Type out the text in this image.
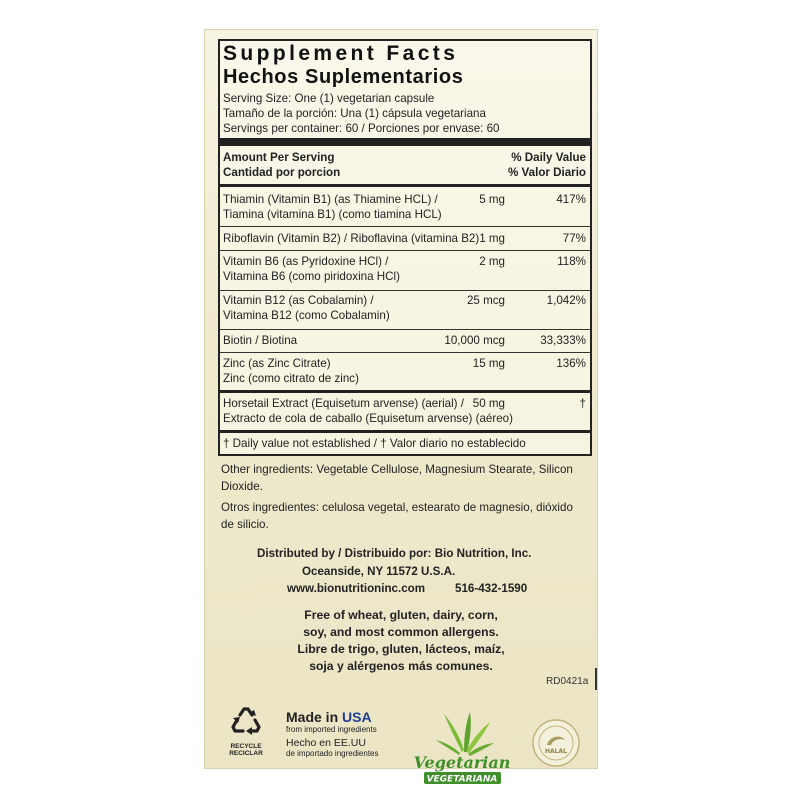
Supplement Facts
Hechos Suplementarios
Serving Size: One (1) vegetarian capsule
Tamaño de la porción: Una (1) cápsula vegetariana
Servings per container: 60 / Porciones por envase: 60
Amount Per Serving
Cantidad por porcion
% Daily Value
% Valor Diario
Thiamin (Vitamin B1) (as Thiamine HCL) /
Tiamina (vitamina B1) (como tiamina HCL)
5 mg	417%
Riboflavin (Vitamin B2) / Riboflavina (vitamina B2) 1 mg	77%
Vitamin B6 (as Pyridoxine HCl) /
Vitamina B6 (como piridoxina HCl)
2 mg	118%
Vitamin B12 (as Cobalamin) /
Vitamina B12 (como Cobalamin)
25 mcg	1,042%
Biotin / Biotina	10,000 mcg	33,333%
Zinc (as Zinc Citrate)
Zinc (como citrato de zinc)
15 mg	136%
Horsetail Extract (Equisetum arvense) (aerial) /
Extracto de cola de caballo (Equisetum arvense) (aéreo)
50 mg	†
† Daily value not established / † Valor diario no establecido
Other ingredients: Vegetable Cellulose, Magnesium Stearate, Silicon Dioxide.
Otros ingredientes: celulosa vegetal, estearato de magnesio, dióxido de silicio.
Distributed by / Distribuido por: Bio Nutrition, Inc.
Oceanside, NY 11572 U.S.A.
www.bionutritioninc.com	516-432-1590
Free of wheat, gluten, dairy, corn,
soy, and most common allergens.
Libre de trigo, gluten, lácteos, maíz,
soja y alérgenos más comunes.
RD0421a
RECYCLE
RECICLAR
Made in USA
from imported ingredients
Hecho en EE.UU
de importado ingredientes	Vegetarian
VEGETARIANA
HALAL
